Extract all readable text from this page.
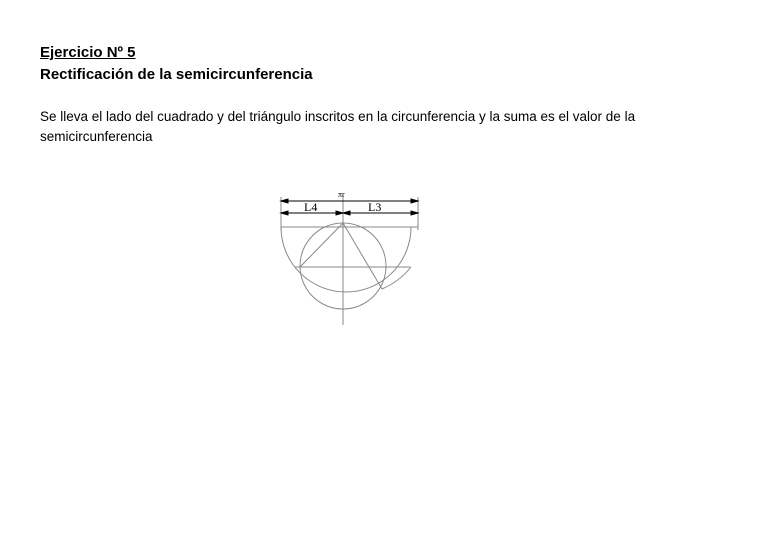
Ejercicio Nº 5
Rectificación de la semicircunferencia

Se lleva el lado del cuadrado y del triángulo inscritos en la circunferencia y la suma es el valor de la semicircunferencia

πr
L4	L3
